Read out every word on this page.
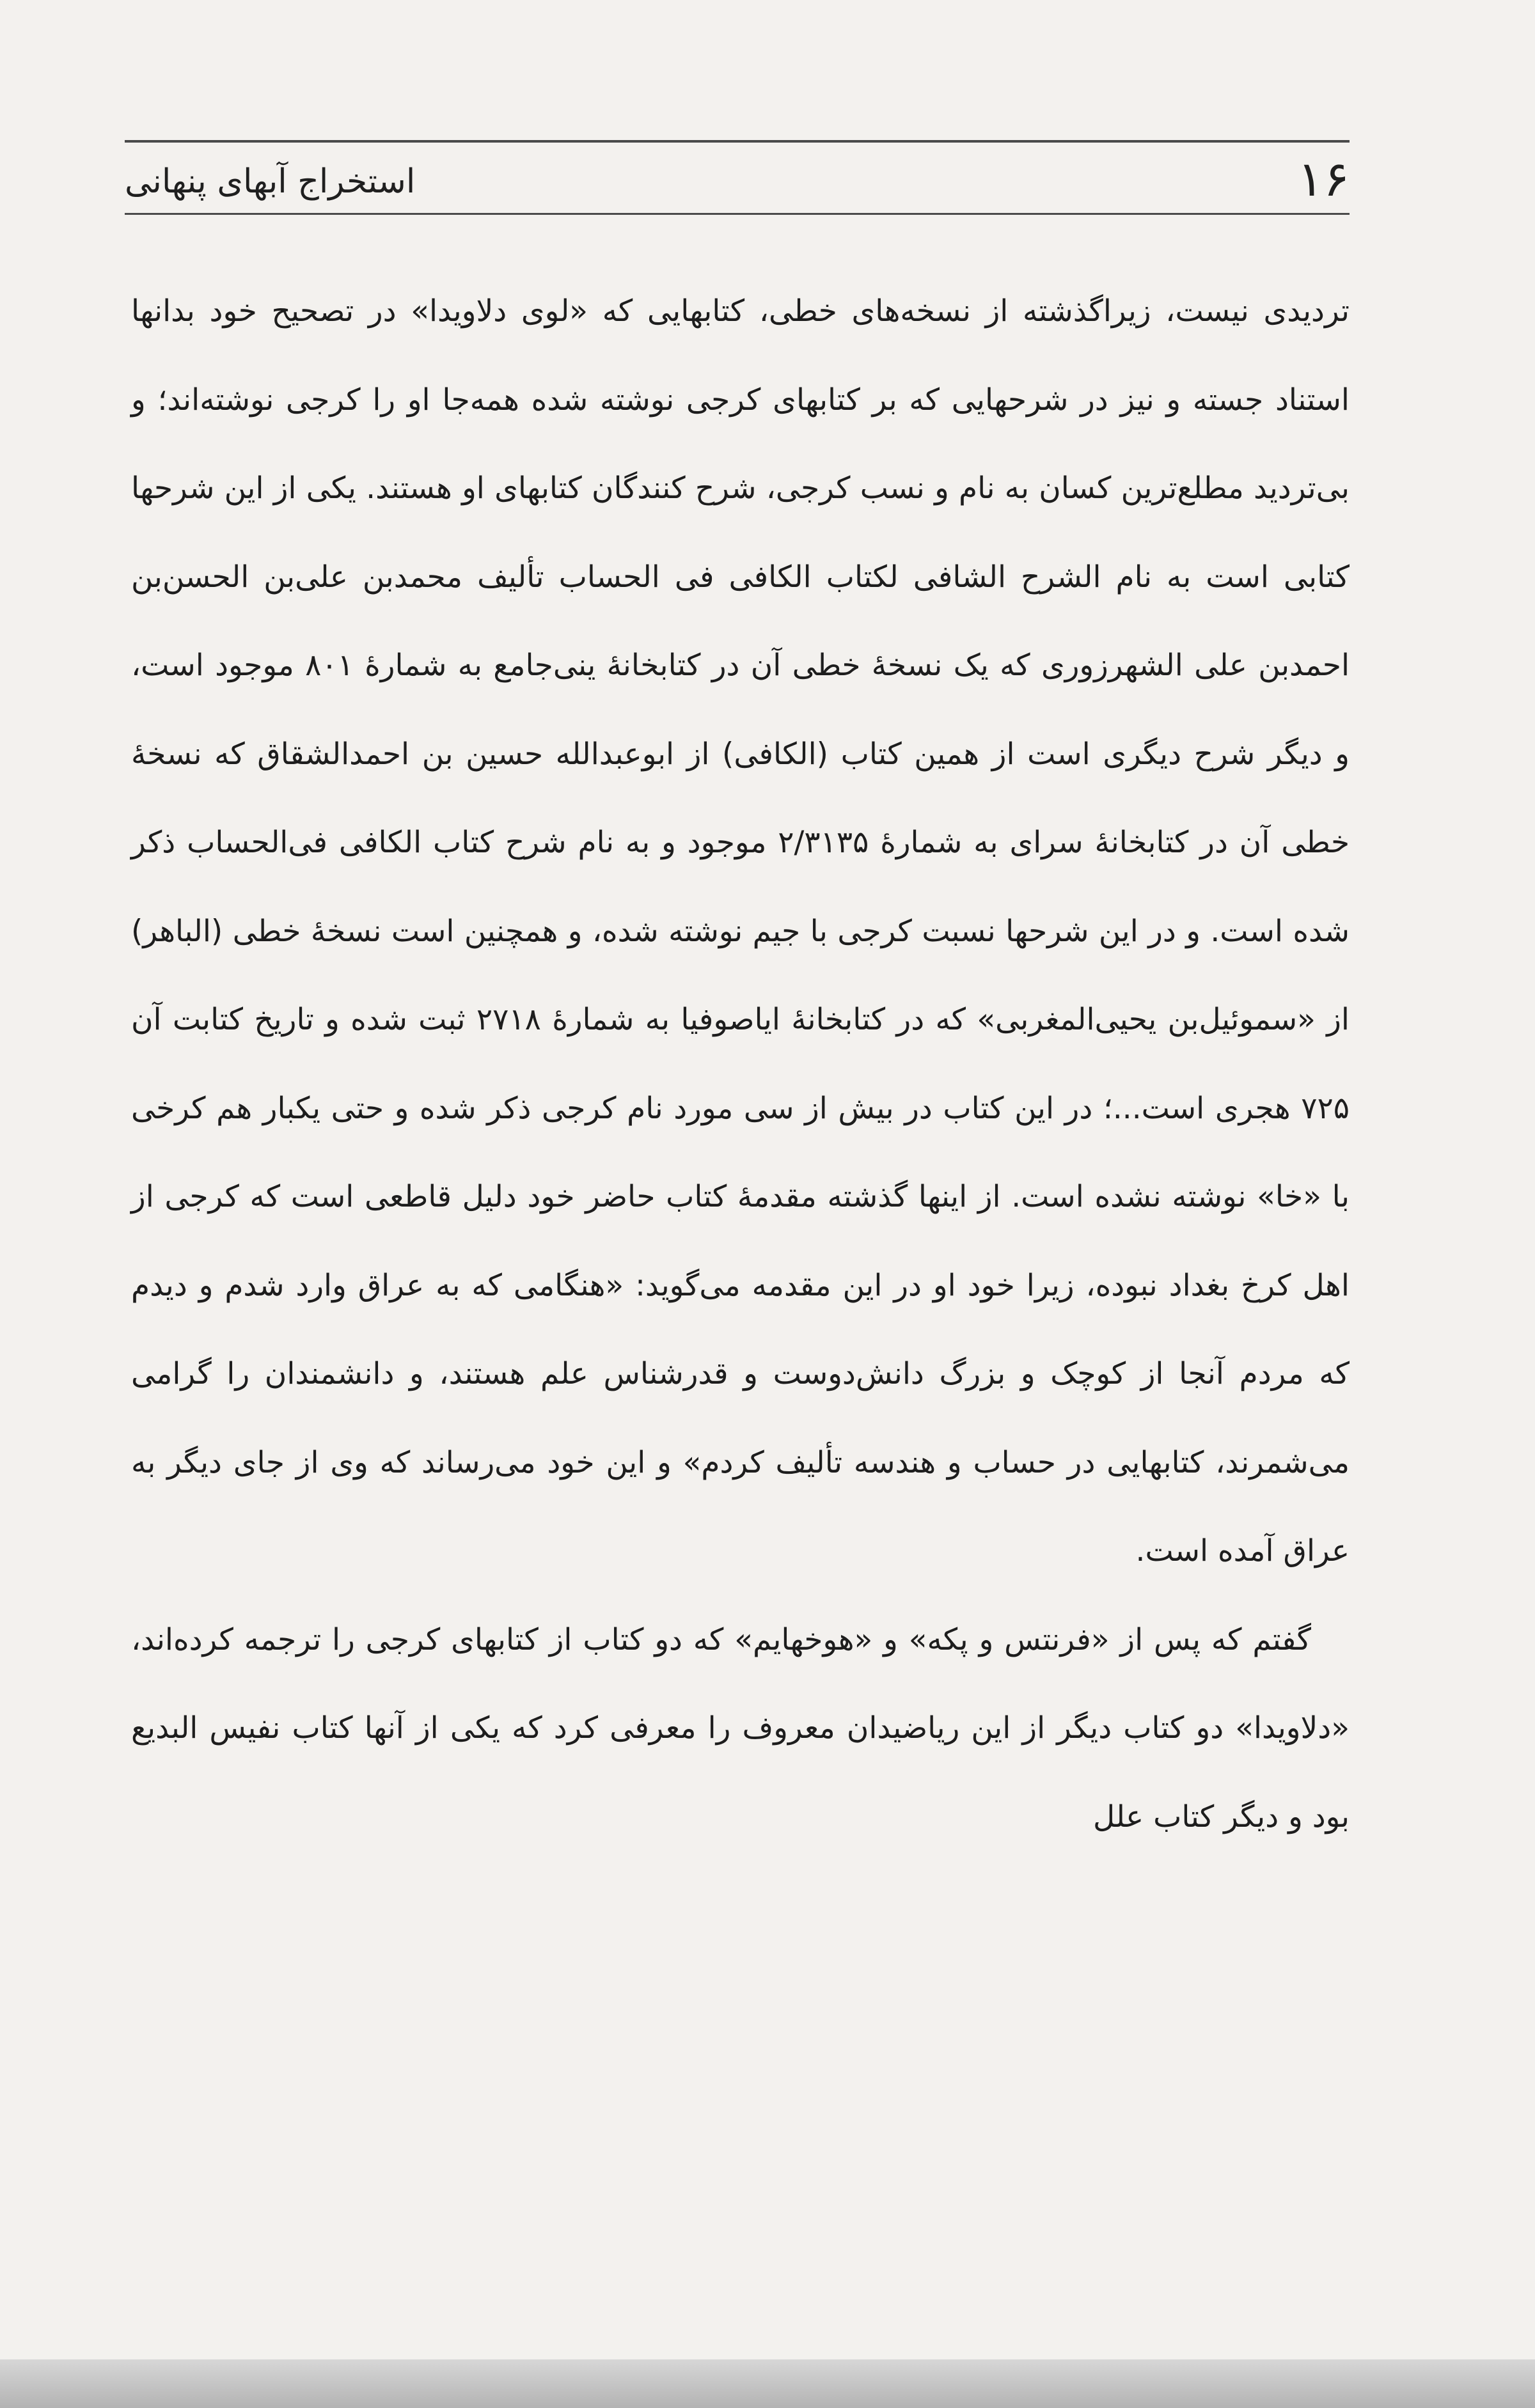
۱۶
استخراج آبهای پنهانی

تردیدی نیست، زیراگذشته از نسخه‌های خطی، کتابهایی که «لوی دلاویدا» در تصحیح خود بدانها استناد جسته و نیز در شرحهایی که بر کتابهای کرجی نوشته شده همه‌جا او را کرجی نوشته‌اند؛ و بی‌تردید مطلع‌ترین کسان به نام و نسب کرجی، شرح کنندگان کتابهای او هستند. یکی از این شرحها کتابی است به نام الشرح الشافی لکتاب الکافی فی الحساب تألیف محمدبن علی‌بن الحسن‌بن احمدبن علی الشهرزوری که یک نسخهٔ خطی آن در کتابخانهٔ ینی‌جامع به شمارهٔ ۸۰۱ موجود است، و دیگر شرح دیگری است از همین کتاب (الکافی) از ابوعبدالله حسین بن احمدالشقاق که نسخهٔ خطی آن در کتابخانهٔ سرای به شمارهٔ ۲/۳۱۳۵ موجود و به نام شرح کتاب الکافی فی‌الحساب ذکر شده است. و در این شرحها نسبت کرجی با جیم نوشته شده، و همچنین است نسخهٔ خطی (الباهر) از «سموئیل‌بن یحیی‌المغربی» که در کتابخانهٔ ایاصوفیا به شمارهٔ ۲۷۱۸ ثبت شده و تاریخ کتابت آن ۷۲۵ هجری است...؛ در این کتاب در بیش از سی مورد نام کرجی ذکر شده و حتی یکبار هم کرخی با «خا» نوشته نشده است. از اینها گذشته مقدمهٔ کتاب حاضر خود دلیل قاطعی است که کرجی از اهل کرخ بغداد نبوده، زیرا خود او در این مقدمه می‌گوید: «هنگامی که به عراق وارد شدم و دیدم که مردم آنجا از کوچک و بزرگ دانش‌دوست و قدرشناس علم هستند، و دانشمندان را گرامی می‌شمرند، کتابهایی در حساب و هندسه تألیف کردم» و این خود می‌رساند که وی از جای دیگر به عراق آمده است.

گفتم که پس از «فرنتس و پکه» و «هوخهایم» که دو کتاب از کتابهای کرجی را ترجمه کرده‌اند، «دلاویدا» دو کتاب دیگر از این ریاضیدان معروف را معرفی کرد که یکی از آنها کتاب نفیس البدیع بود و دیگر کتاب علل
